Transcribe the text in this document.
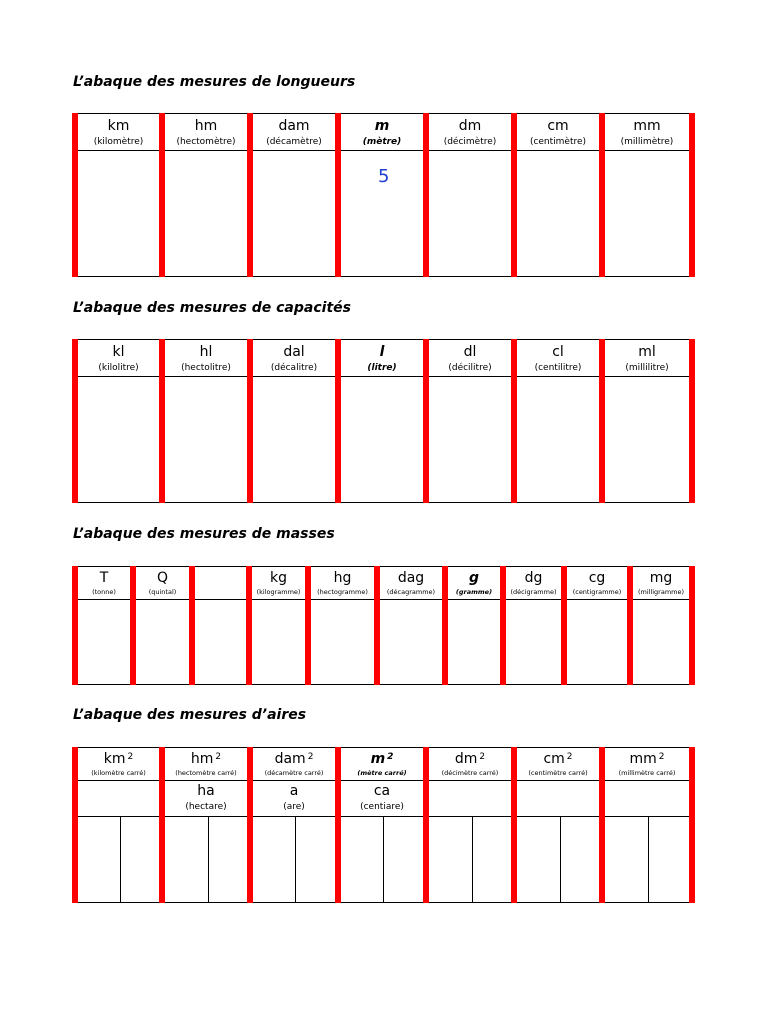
L’abaque des mesures de longueurs
km
(kilomètre)
hm
(hectomètre)
dam
(décamètre)
m
(mètre)
dm
(décimètre)
cm
(centimètre)
mm
(millimètre)
5
L’abaque des mesures de capacités
kl
(kilolitre)
hl
(hectolitre)
dal
(décalitre)
l
(litre)
dl
(décilitre)
cl
(centilitre)
ml
(millilitre)
L’abaque des mesures de masses
T
(tonne)
Q
(quintal)
kg
(kilogramme)
hg
(hectogramme)
dag
(décagramme)
g
(gramme)
dg
(décigramme)
cg
(centigramme)
mg
(milligramme)
L’abaque des mesures d’aires
km $^2$
(kilomètre carré)
hm $^2$
(hectomètre carré)
dam $^2$
(décamètre carré)
m $^2$
(mètre carré)
dm $^2$
(décimètre carré)
cm $^2$
(centimètre carré)
mm $^2$
(millimètre carré)
ha
(hectare)
a
(are)
ca
(centiare)
